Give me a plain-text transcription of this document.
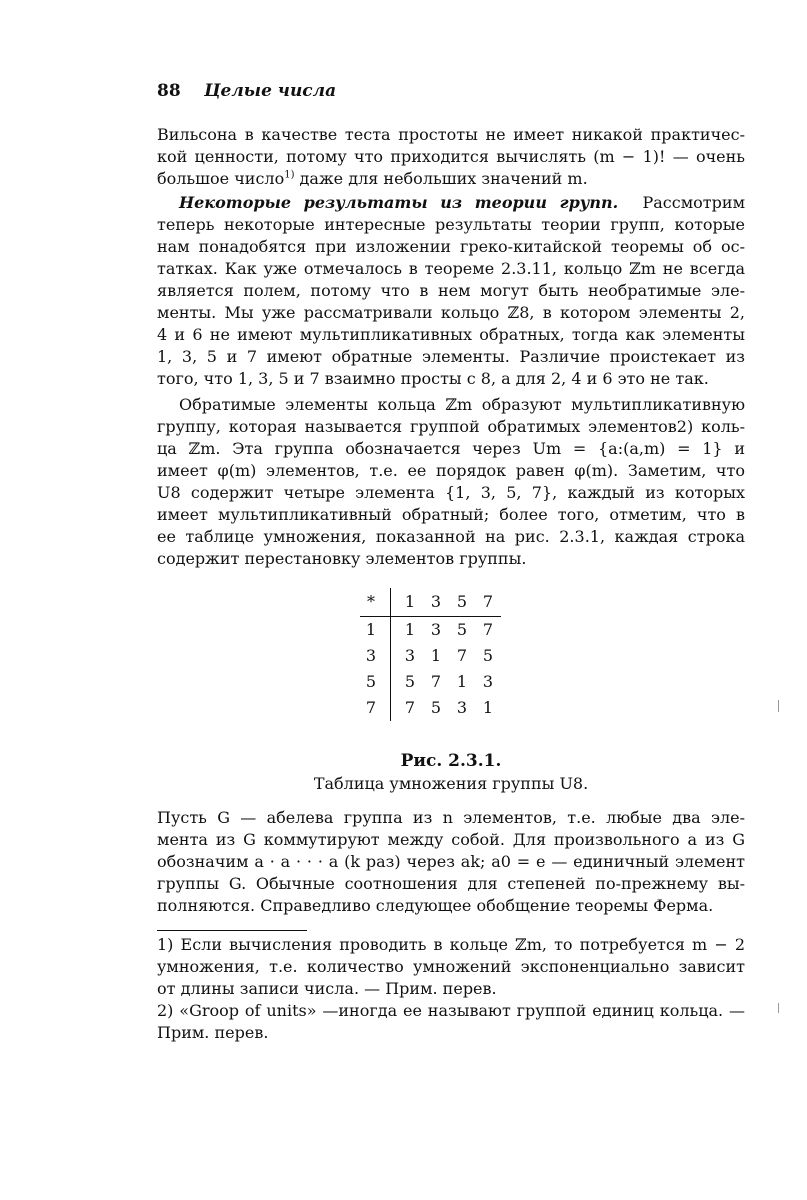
88 Целые числа
Вильсона в качестве теста простоты не имеет никакой практичес-
кой ценности, потому что приходится вычислять (m − 1)! — очень
большое число$^{1)}$ даже для небольших значений m.
Некоторые результаты из теории групп. Рассмотрим
теперь некоторые интересные результаты теории групп, которые
нам понадобятся при изложении греко-китайской теоремы об ос-
татках. Как уже отмечалось в теореме 2.3.11, кольцо ℤm не всегда
является полем, потому что в нем могут быть необратимые эле-
менты. Мы уже рассматривали кольцо ℤ8, в котором элементы 2,
4 и 6 не имеют мультипликативных обратных, тогда как элементы
1, 3, 5 и 7 имеют обратные элементы. Различие проистекает из
того, что 1, 3, 5 и 7 взаимно просты с 8, а для 2, 4 и 6 это не так.
Обратимые элементы кольца ℤm образуют мультипликативную
группу, которая называется группой обратимых элементов2) коль-
ца ℤm. Эта группа обозначается через Um = {a:(a,m) = 1} и
имеет φ(m) элементов, т.е. ее порядок равен φ(m). Заметим, что
U8 содержит четыре элемента {1, 3, 5, 7}, каждый из которых
имеет мультипликативный обратный; более того, отметим, что в
ее таблице умножения, показанной на рис. 2.3.1, каждая строка
содержит перестановку элементов группы.
*	1	3	5	7
1	1	3	5	7
3	3	1	7	5
5	5	7	1	3
7	7	5	3	1
Рис. 2.3.1.
Таблица умножения группы U8.
Пусть G — абелева группа из n элементов, т.е. любые два эле-
мента из G коммутируют между собой. Для произвольного a из G
обозначим a · a · · · a (k раз) через ak; a0 = e — единичный элемент
группы G. Обычные соотношения для степеней по-прежнему вы-
полняются. Справедливо следующее обобщение теоремы Ферма.
1) Если вычисления проводить в кольце ℤm, то потребуется m − 2
умножения, т.е. количество умножений экспоненциально зависит
от длины записи числа. — Прим. перев.
2) «Groop of units» —иногда ее называют группой единиц кольца. —
Прим. перев.
